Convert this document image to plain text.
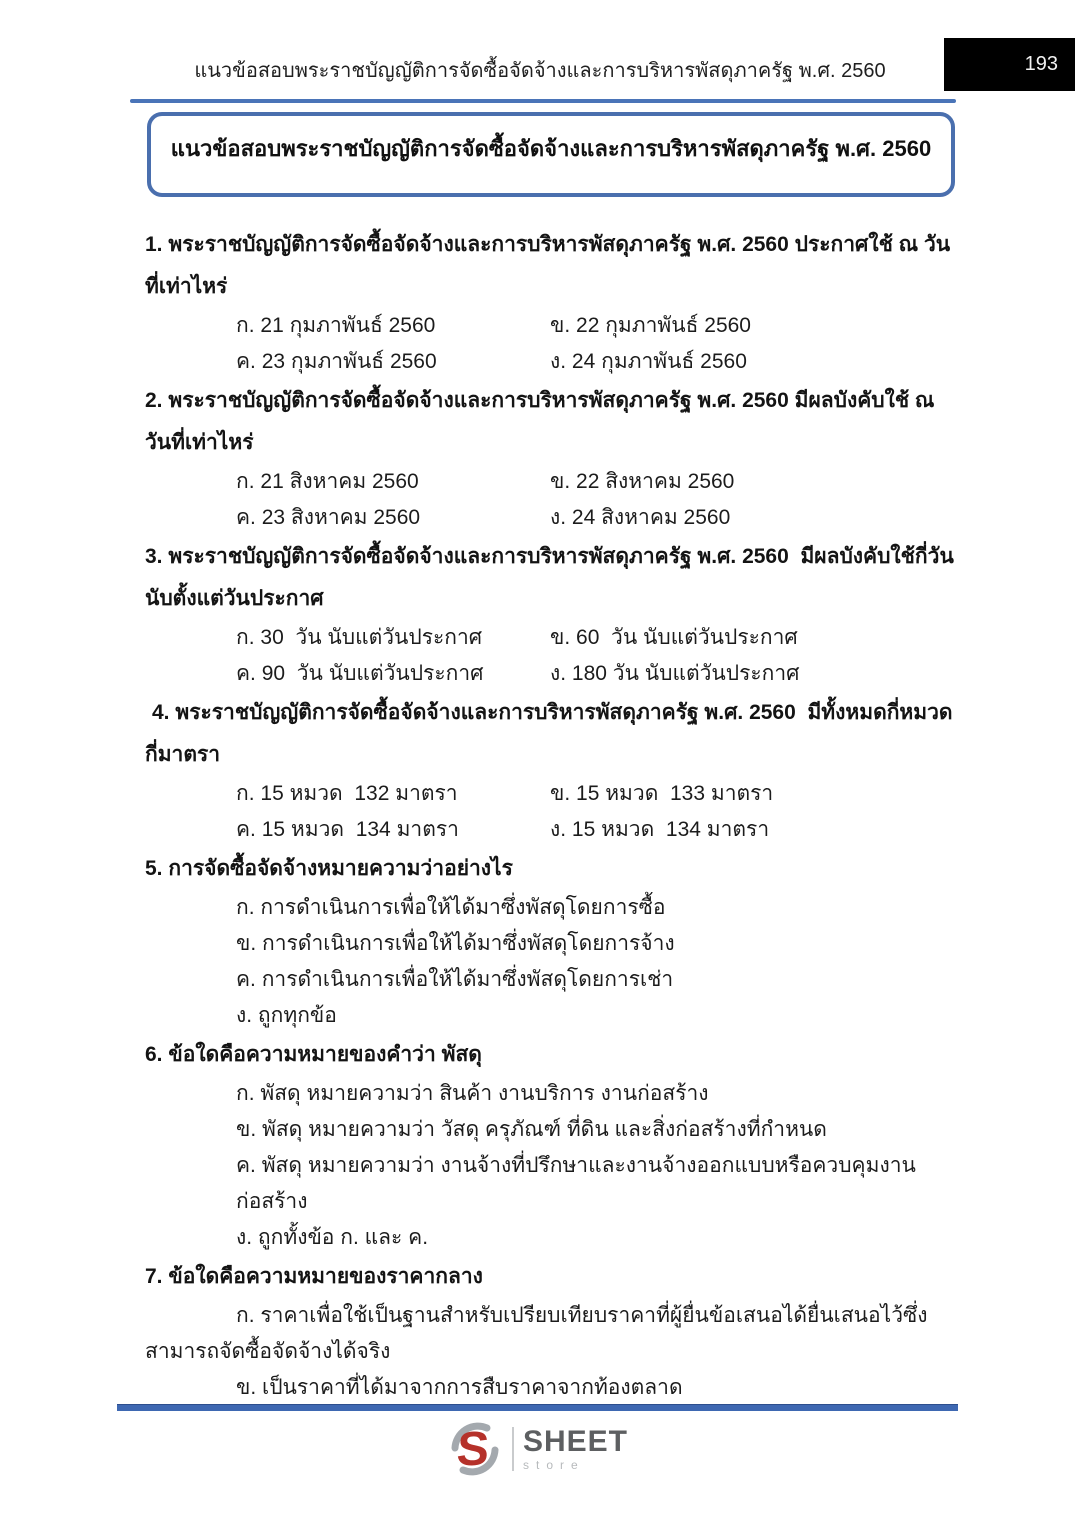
แนวข้อสอบพระราชบัญญัติการจัดซื้อจัดจ้างและการบริหารพัสดุภาครัฐ พ.ศ. 2560	193
แนวข้อสอบพระราชบัญญัติการจัดซื้อจัดจ้างและการบริหารพัสดุภาครัฐ พ.ศ. 2560

1. พระราชบัญญัติการจัดซื้อจัดจ้างและการบริหารพัสดุภาครัฐ พ.ศ. 2560 ประกาศใช้ ณ วันที่เท่าไหร่

ก. 21 กุมภาพันธ์ 2560	ข. 22 กุมภาพันธ์ 2560
ค. 23 กุมภาพันธ์ 2560	ง. 24 กุมภาพันธ์ 2560

2. พระราชบัญญัติการจัดซื้อจัดจ้างและการบริหารพัสดุภาครัฐ พ.ศ. 2560 มีผลบังคับใช้ ณ วันที่เท่าไหร่

ก. 21 สิงหาคม 2560	ข. 22 สิงหาคม 2560
ค. 23 สิงหาคม 2560	ง. 24 สิงหาคม 2560

3. พระราชบัญญัติการจัดซื้อจัดจ้างและการบริหารพัสดุภาครัฐ พ.ศ. 2560  มีผลบังคับใช้กี่วันนับตั้งแต่วันประกาศ

ก. 30  วัน นับแต่วันประกาศ	ข. 60  วัน นับแต่วันประกาศ
ค. 90  วัน นับแต่วันประกาศ	ง. 180 วัน นับแต่วันประกาศ

4. พระราชบัญญัติการจัดซื้อจัดจ้างและการบริหารพัสดุภาครัฐ พ.ศ. 2560  มีทั้งหมดกี่หมวด กี่มาตรา

ก. 15 หมวด  132 มาตรา	ข. 15 หมวด  133 มาตรา
ค. 15 หมวด  134 มาตรา	ง. 15 หมวด  134 มาตรา

5. การจัดซื้อจัดจ้างหมายความว่าอย่างไร

ก. การดำเนินการเพื่อให้ได้มาซึ่งพัสดุโดยการซื้อ
ข. การดำเนินการเพื่อให้ได้มาซึ่งพัสดุโดยการจ้าง
ค. การดำเนินการเพื่อให้ได้มาซึ่งพัสดุโดยการเช่า
ง. ถูกทุกข้อ

6. ข้อใดคือความหมายของคำว่า พัสดุ

ก. พัสดุ หมายความว่า สินค้า งานบริการ งานก่อสร้าง
ข. พัสดุ หมายความว่า วัสดุ ครุภัณฑ์ ที่ดิน และสิ่งก่อสร้างที่กำหนด
ค. พัสดุ หมายความว่า งานจ้างที่ปรึกษาและงานจ้างออกแบบหรือควบคุมงานก่อสร้าง
ง. ถูกทั้งข้อ ก. และ ค.

7. ข้อใดคือความหมายของราคากลาง

ก. ราคาเพื่อใช้เป็นฐานสำหรับเปรียบเทียบราคาที่ผู้ยื่นข้อเสนอได้ยื่นเสนอไว้ซึ่งสามารถจัดซื้อจัดจ้างได้จริง

ข. เป็นราคาที่ได้มาจากการสืบราคาจากท้องตลาด
S SHEET
store
